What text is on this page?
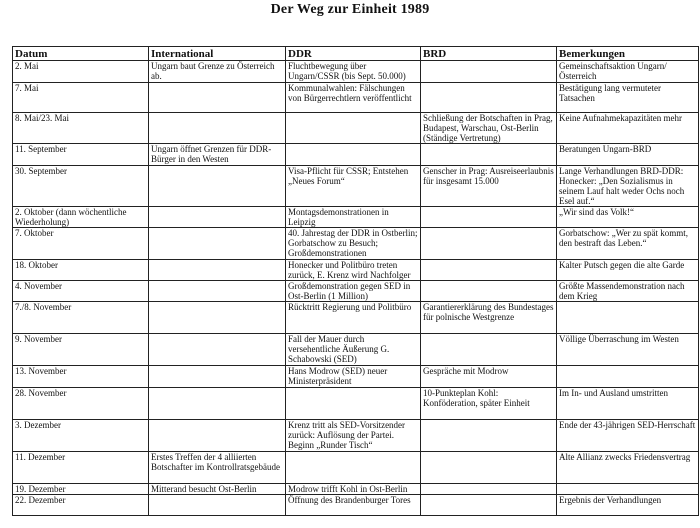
Der Weg zur Einheit 1989
Datum	International	DDR	BRD	Bemerkungen
2. Mai	Ungarn baut Grenze zu Österreich ab.	Fluchtbewegung über Ungarn/CSSR (bis Sept. 50.000)		Gemeinschaftsaktion Ungarn/Österreich
7. Mai		Kommunalwahlen: Fälschungen von Bürgerrechtlern veröffentlicht		Bestätigung lang vermuteter Tatsachen
8. Mai/23. Mai			Schließung der Botschaften in Prag, Budapest, Warschau, Ost-Berlin (Ständige Vertretung)	Keine Aufnahmekapazitäten mehr
11. September	Ungarn öffnet Grenzen für DDR-Bürger in den Westen			Beratungen Ungarn-BRD
30. September		Visa-Pflicht für CSSR; Entstehen „Neues Forum“	Genscher in Prag: Ausreiseerlaubnis für insgesamt 15.000	Lange Verhandlungen BRD-DDR: Honecker: „Den Sozialismus in seinem Lauf halt weder Ochs noch Esel auf.“
2. Oktober (dann wöchentliche Wiederholung)		Montagsdemonstrationen in Leipzig		„Wir sind das Volk!“
7. Oktober		40. Jahrestag der DDR in Ostberlin; Gorbatschow zu Besuch; Großdemonstrationen		Gorbatschow: „Wer zu spät kommt, den bestraft das Leben.“
18. Oktober		Honecker und Politbüro treten zurück, E. Krenz wird Nachfolger		Kalter Putsch gegen die alte Garde
4. November		Großdemonstration gegen SED in Ost-Berlin (1 Million)		Größte Massendemonstration nach dem Krieg
7./8. November		Rücktritt Regierung und Politbüro	Garantiererklärung des Bundestages für polnische Westgrenze	
9. November		Fall der Mauer durch versehentliche Äußerung G. Schabowski (SED)		Völlige Überraschung im Westen
13. November		Hans Modrow (SED) neuer Ministerpräsident	Gespräche mit Modrow	
28. November			10-Punkteplan Kohl: Konföderation, später Einheit	Im In- und Ausland umstritten
3. Dezember		Krenz tritt als SED-Vorsitzender zurück: Auflösung der Partei. Beginn „Runder Tisch“		Ende der 43-jährigen SED-Herrschaft
11. Dezember	Erstes Treffen der 4 alliierten Botschafter im Kontrollratsgebäude			Alte Allianz zwecks Friedensvertrag
19. Dezember	Mitterand besucht Ost-Berlin	Modrow trifft Kohl in Ost-Berlin		
22. Dezember		Öffnung des Brandenburger Tores		Ergebnis der Verhandlungen
